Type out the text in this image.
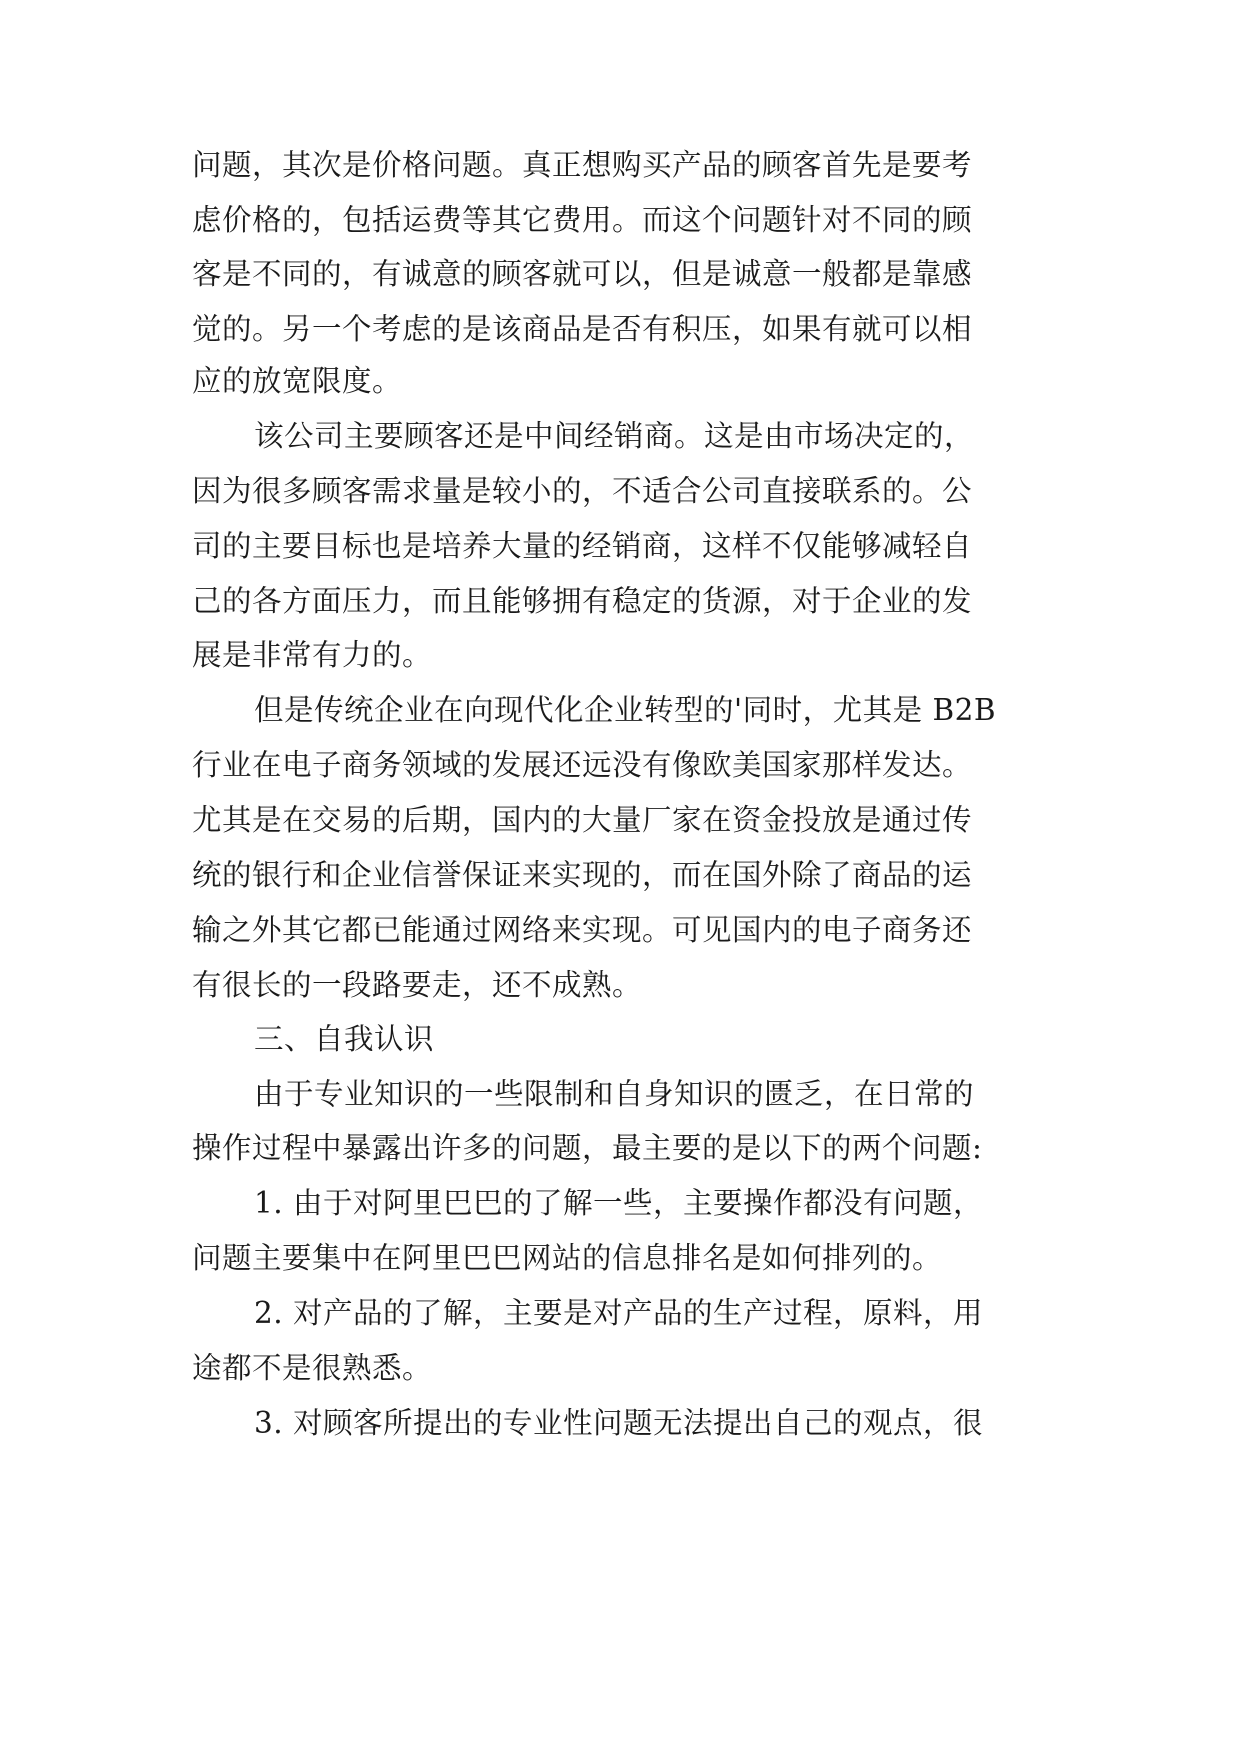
问题，其次是价格问题。真正想购买产品的顾客首先是要考
虑价格的，包括运费等其它费用。而这个问题针对不同的顾
客是不同的，有诚意的顾客就可以，但是诚意一般都是靠感
觉的。另一个考虑的是该商品是否有积压，如果有就可以相
应的放宽限度。
该公司主要顾客还是中间经销商。这是由市场决定的，
因为很多顾客需求量是较小的，不适合公司直接联系的。公
司的主要目标也是培养大量的经销商，这样不仅能够减轻自
己的各方面压力，而且能够拥有稳定的货源，对于企业的发
展是非常有力的。
但是传统企业在向现代化企业转型的'同时，尤其是 B2B
行业在电子商务领域的发展还远没有像欧美国家那样发达。
尤其是在交易的后期，国内的大量厂家在资金投放是通过传
统的银行和企业信誉保证来实现的，而在国外除了商品的运
输之外其它都已能通过网络来实现。可见国内的电子商务还
有很长的一段路要走，还不成熟。
三、自我认识
由于专业知识的一些限制和自身知识的匮乏，在日常的
操作过程中暴露出许多的问题，最主要的是以下的两个问题:
1. 由于对阿里巴巴的了解一些，主要操作都没有问题，
问题主要集中在阿里巴巴网站的信息排名是如何排列的。
2. 对产品的了解，主要是对产品的生产过程，原料，用
途都不是很熟悉。
3. 对顾客所提出的专业性问题无法提出自己的观点，很
